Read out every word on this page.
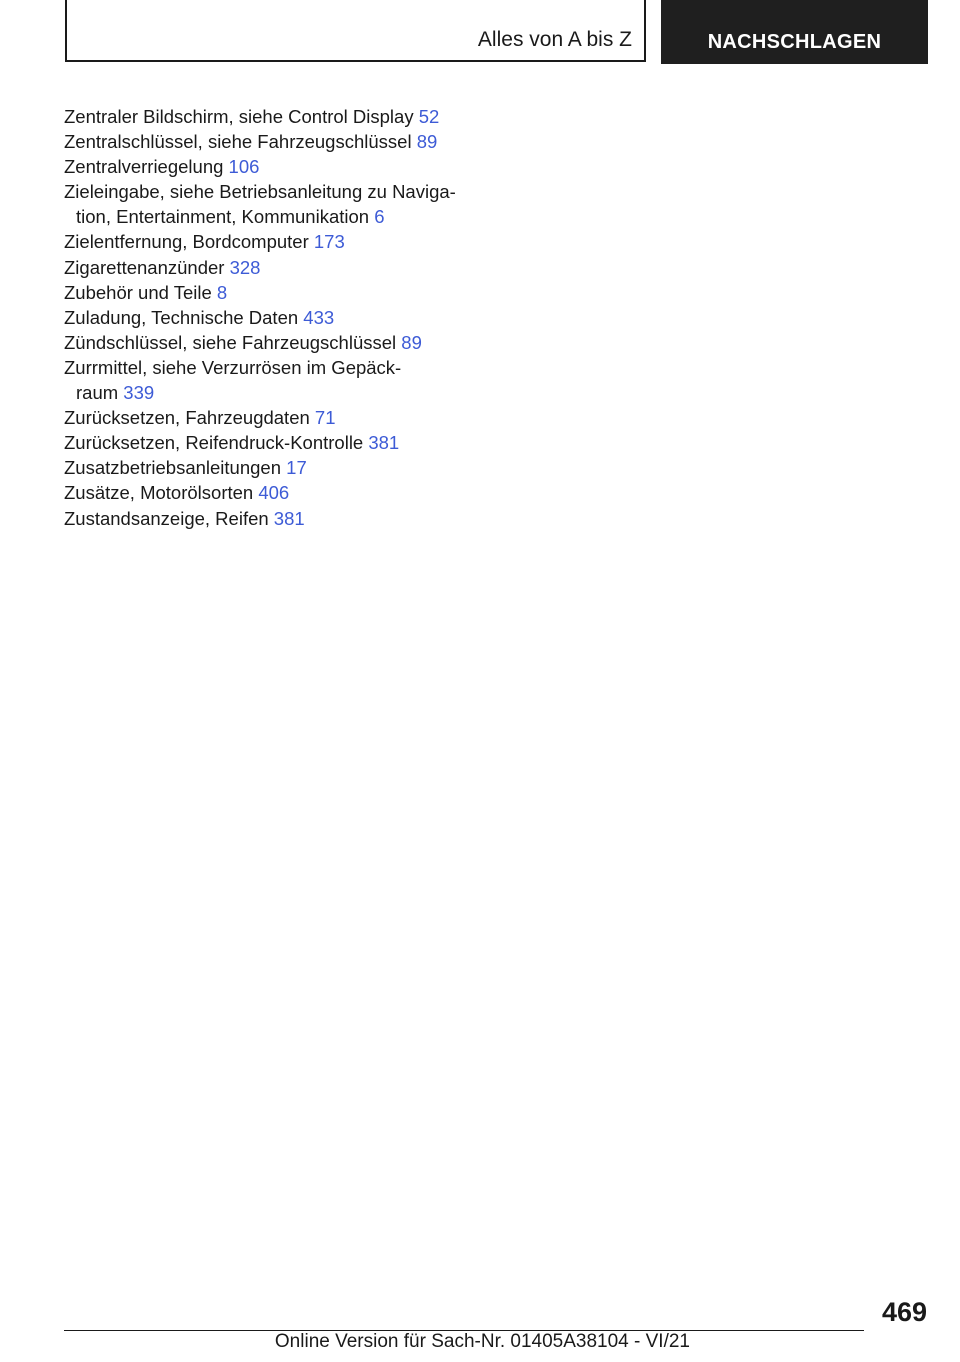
Alles von A bis Z	NACHSCHLAGEN

Zentraler Bildschirm, siehe Control Display 52

Zentralschlüssel, siehe Fahrzeugschlüssel 89

Zentralverriegelung 106

Zieleingabe, siehe Betriebsanleitung zu Naviga-
tion, Entertainment, Kommunikation 6

Zielentfernung, Bordcomputer 173

Zigarettenanzünder 328

Zubehör und Teile 8

Zuladung, Technische Daten 433

Zündschlüssel, siehe Fahrzeugschlüssel 89

Zurrmittel, siehe Verzurrösen im Gepäck-
raum 339

Zurücksetzen, Fahrzeugdaten 71

Zurücksetzen, Reifendruck-Kontrolle 381

Zusatzbetriebsanleitungen 17

Zusätze, Motorölsorten 406

Zustandsanzeige, Reifen 381

469
Online Version für Sach-Nr. 01405A38104 - VI/21
